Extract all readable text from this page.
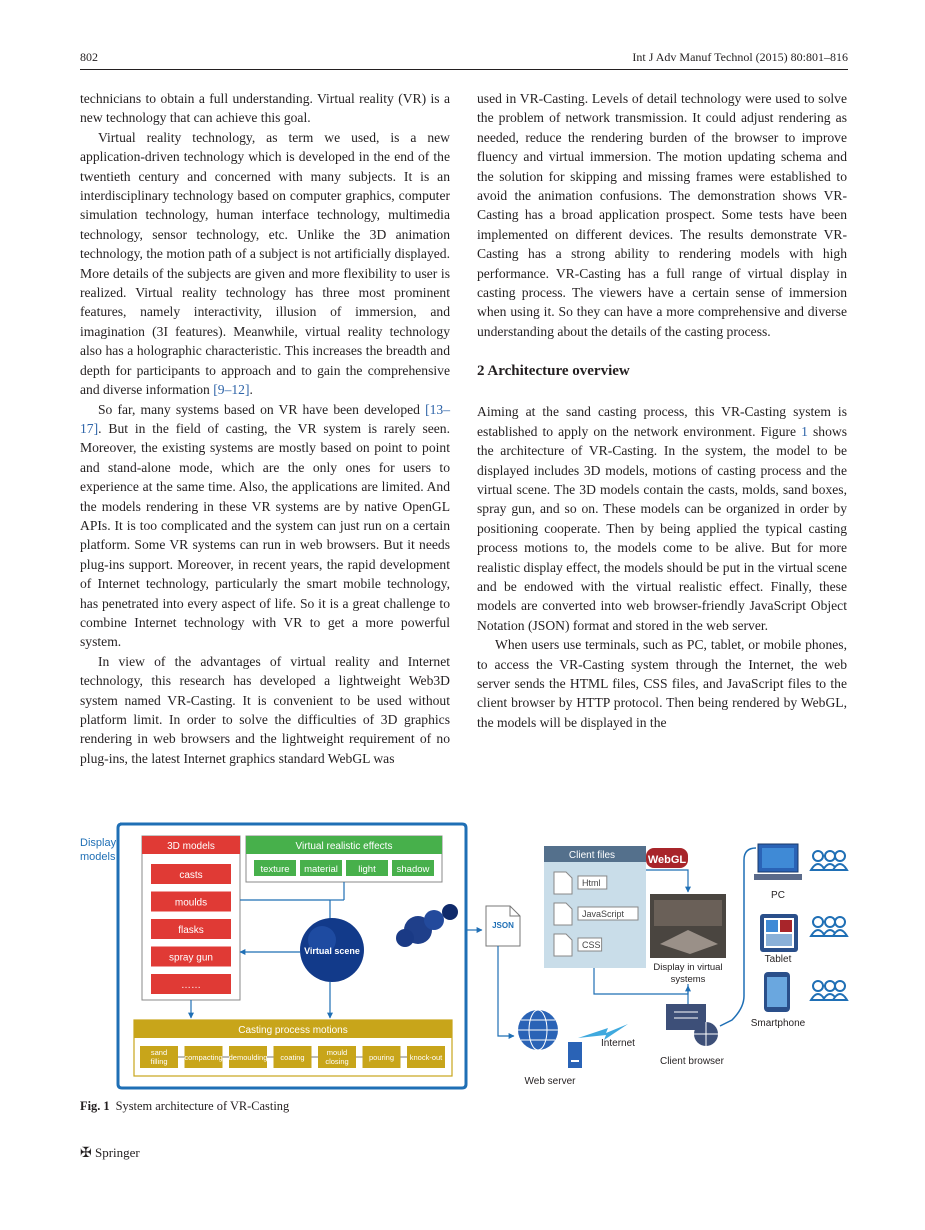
802	Int J Adv Manuf Technol (2015) 80:801–816

technicians to obtain a full understanding. Virtual reality (VR) is a new technology that can achieve this goal.

Virtual reality technology, as term we used, is a new application-driven technology which is developed in the end of the twentieth century and concerned with many subjects. It is an interdisciplinary technology based on computer graphics, computer simulation technology, human interface technology, multimedia technology, sensor technology, etc. Unlike the 3D animation technology, the motion path of a subject is not artificially displayed. More details of the subjects are given and more flexibility to user is realized. Virtual reality technology has three most prominent features, namely interactivity, illusion of immersion, and imagination (3I features). Meanwhile, virtual reality technology also has a holographic characteristic. This increases the breadth and depth for participants to approach and to gain the comprehensive and diverse information [9–12].

So far, many systems based on VR have been developed [13–17]. But in the field of casting, the VR system is rarely seen. Moreover, the existing systems are mostly based on point to point and stand-alone mode, which are the only ones for users to experience at the same time. Also, the applications are limited. And the models rendering in these VR systems are by native OpenGL APIs. It is too complicated and the system can just run on a certain platform. Some VR systems can run in web browsers. But it needs plug-ins support. Moreover, in recent years, the rapid development of Internet technology, particularly the smart mobile technology, has penetrated into every aspect of life. So it is a great challenge to combine Internet technology with VR to get a more powerful system.

In view of the advantages of virtual reality and Internet technology, this research has developed a lightweight Web3D system named VR-Casting. It is convenient to be used without platform limit. In order to solve the difficulties of 3D graphics rendering in web browsers and the lightweight requirement of no plug-ins, the latest Internet graphics standard WebGL was

used in VR-Casting. Levels of detail technology were used to solve the problem of network transmission. It could adjust rendering as needed, reduce the rendering burden of the browser to improve fluency and virtual immersion. The motion updating schema and the solution for skipping and missing frames were established to avoid the animation confusions. The demonstration shows VR-Casting has a broad application prospect. Some tests have been implemented on different devices. The results demonstrate VR-Casting has a strong ability to rendering models with high performance. VR-Casting has a full range of virtual display in casting process. The viewers have a certain sense of immersion when using it. So they can have a more comprehensive and diverse understanding about the details of the casting process.

2 Architecture overview

Aiming at the sand casting process, this VR-Casting system is established to apply on the network environment. Figure 1 shows the architecture of VR-Casting. In the system, the model to be displayed includes 3D models, motions of casting process and the virtual scene. The 3D models contain the casts, molds, sand boxes, spray gun, and so on. These models can be organized in order by positioning cooperate. Then by being applied the typical casting process motions to, the models come to be alive. But for more realistic display effect, the models should be put in the virtual scene and be endowed with the virtual realistic effect. Finally, these models are converted into web browser-friendly JavaScript Object Notation (JSON) format and stored in the web server.

When users use terminals, such as PC, tablet, or mobile phones, to access the VR-Casting system through the Internet, the web server sends the HTML files, CSS files, and JavaScript files to the client browser by HTTP protocol. Then being rendered by WebGL, the models will be displayed in the

Display
models
3D models
casts
moulds
flasks
spray gun
……
Virtual realistic effects
texture material light shadow
Virtual scene
Casting process motions
sand
filling compacting demoulding coating
mould
closing	pouring knock-out
JSON
Client files
Html
JavaScript
CSS
WebGL
Display in virtual
systems
Web server
Internet
Client browser
PC
Tablet
Smartphone
Fig. 1 System architecture of VR-Casting
✠ Springer
